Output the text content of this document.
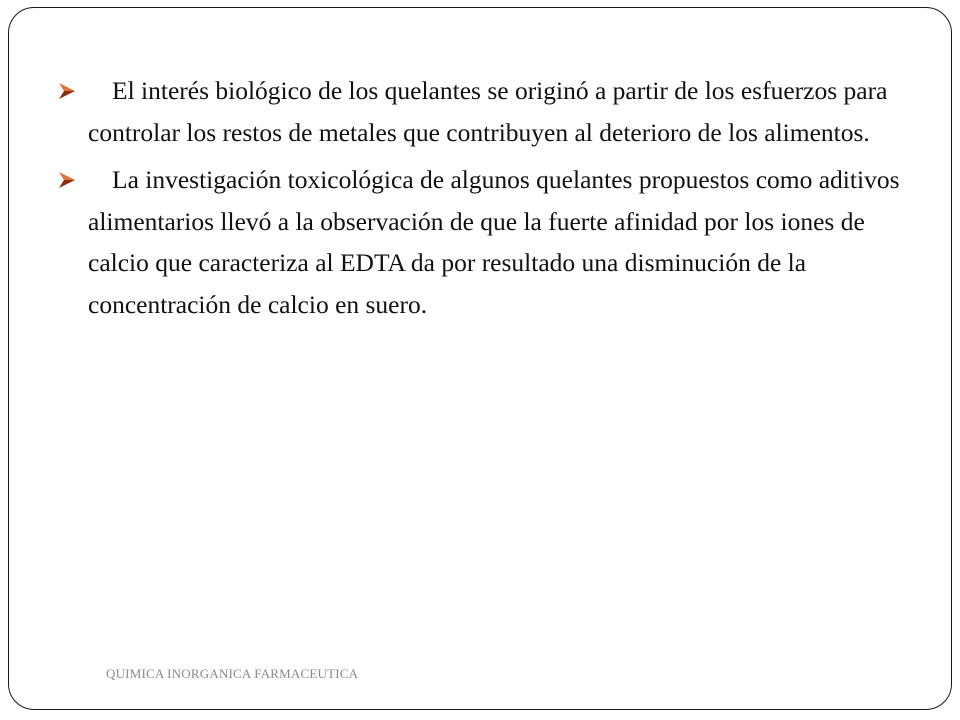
El interés biológico de los quelantes se originó a partir de los esfuerzos para controlar los restos de metales que contribuyen al deterioro de los alimentos.
La investigación toxicológica de algunos quelantes propuestos como aditivos alimentarios llevó a la observación de que la fuerte afinidad por los iones de calcio que caracteriza al EDTA da por resultado una disminución de la concentración de calcio en suero.
QUIMICA INORGANICA FARMACEUTICA
